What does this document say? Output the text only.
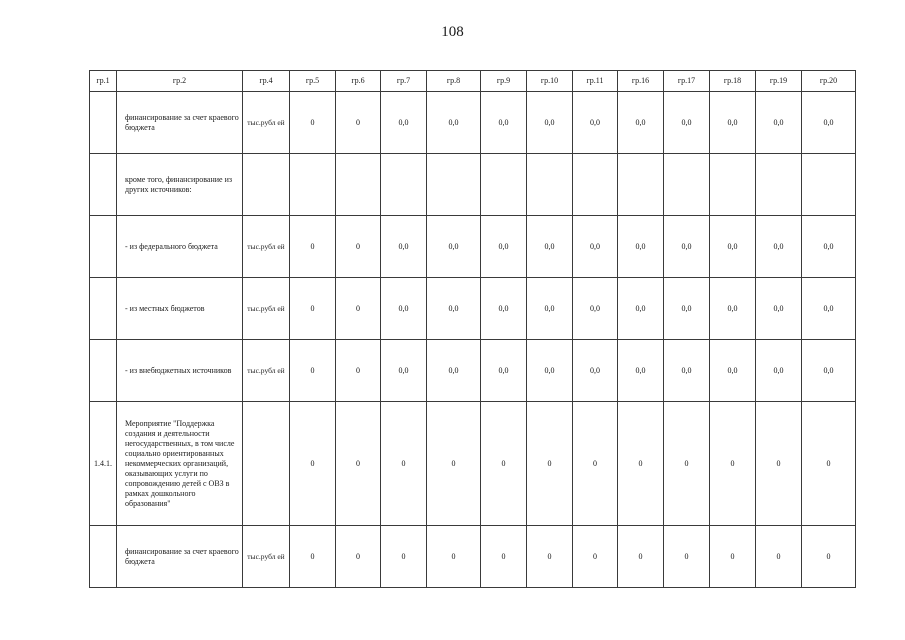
108
гр.1	гр.2	гр.4	гр.5	гр.6	гр.7	гр.8	гр.9	гр.10	гр.11	гр.16	гр.17	гр.18	гр.19	гр.20
	финансирование за счет краевого бюджета	тыс.рубл ей	0	0	0,0	0,0	0,0	0,0	0,0	0,0	0,0	0,0	0,0	0,0
	кроме того, финансирование из других источников:													
	- из федерального бюджета	тыс.рубл ей	0	0	0,0	0,0	0,0	0,0	0,0	0,0	0,0	0,0	0,0	0,0
	- из местных бюджетов	тыс.рубл ей	0	0	0,0	0,0	0,0	0,0	0,0	0,0	0,0	0,0	0,0	0,0
	- из внебюджетных источников	тыс.рубл ей	0	0	0,0	0,0	0,0	0,0	0,0	0,0	0,0	0,0	0,0	0,0
1.4.1.	Мероприятие "Поддержка создания и деятельности негосударственных, в том числе социально ориентированных некоммерческих организаций, оказывающих услуги по сопровождению детей с ОВЗ в рамках дошкольного образования"		0	0	0	0	0	0	0	0	0	0	0	0
	финансирование за счет краевого бюджета	тыс.рубл ей	0	0	0	0	0	0	0	0	0	0	0	0
